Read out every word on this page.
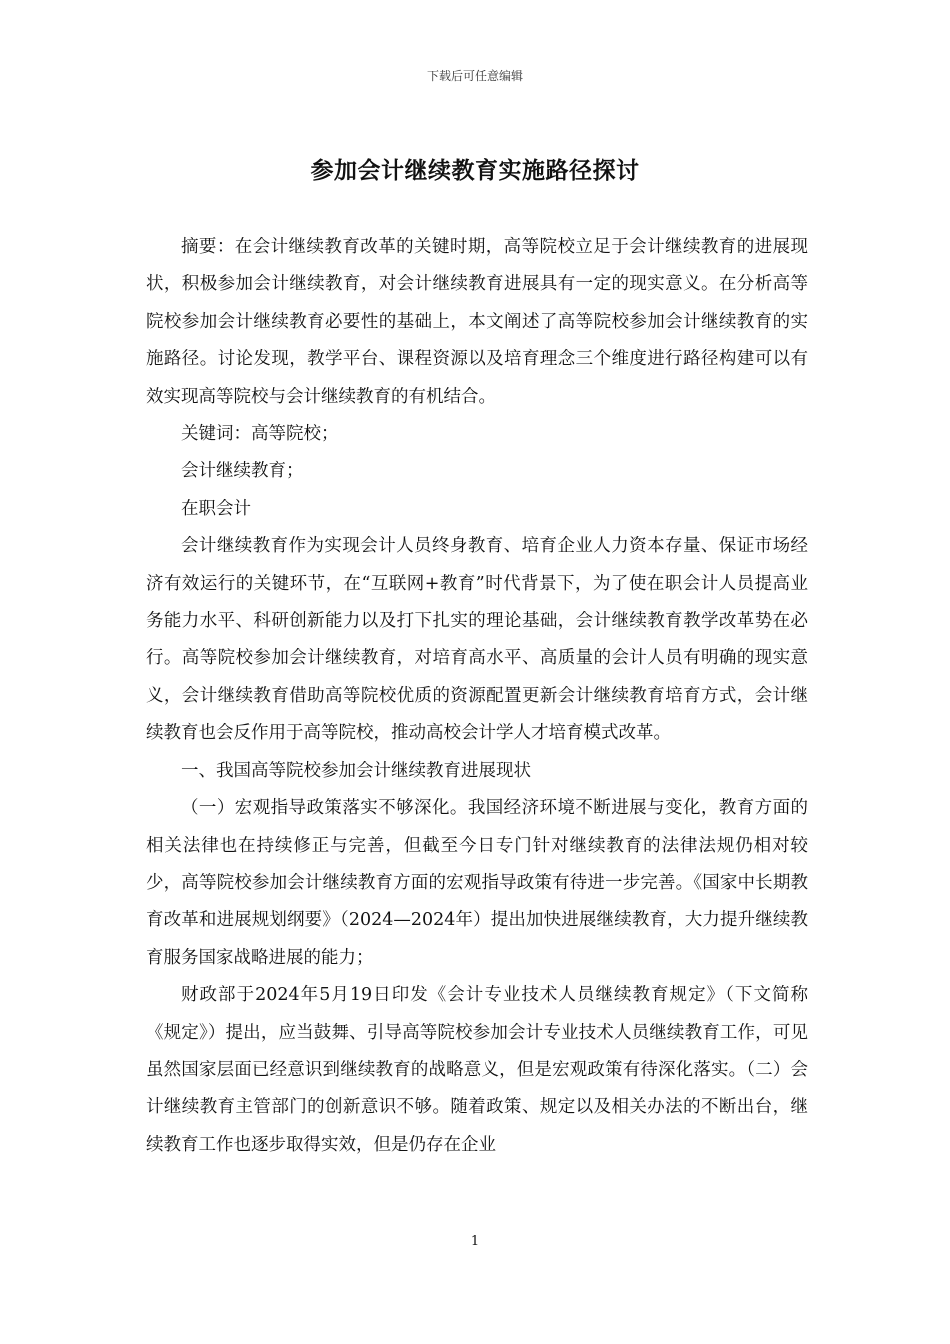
下载后可任意编辑
参加会计继续教育实施路径探讨

摘要：在会计继续教育改革的关键时期，高等院校立足于会计继续教育的进展现状，积极参加会计继续教育，对会计继续教育进展具有一定的现实意义。在分析高等院校参加会计继续教育必要性的基础上，本文阐述了高等院校参加会计继续教育的实施路径。讨论发现，教学平台、课程资源以及培育理念三个维度进行路径构建可以有效实现高等院校与会计继续教育的有机结合。

关键词：高等院校；

会计继续教育；

在职会计

会计继续教育作为实现会计人员终身教育、培育企业人力资本存量、保证市场经济有效运行的关键环节，在“互联网+教育”时代背景下，为了使在职会计人员提高业务能力水平、科研创新能力以及打下扎实的理论基础，会计继续教育教学改革势在必行。高等院校参加会计继续教育，对培育高水平、高质量的会计人员有明确的现实意义，会计继续教育借助高等院校优质的资源配置更新会计继续教育培育方式，会计继续教育也会反作用于高等院校，推动高校会计学人才培育模式改革。

一、我国高等院校参加会计继续教育进展现状

（一）宏观指导政策落实不够深化。我国经济环境不断进展与变化，教育方面的相关法律也在持续修正与完善，但截至今日专门针对继续教育的法律法规仍相对较少，高等院校参加会计继续教育方面的宏观指导政策有待进一步完善。《国家中长期教育改革和进展规划纲要》（2024—2024年）提出加快进展继续教育，大力提升继续教育服务国家战略进展的能力；

财政部于2024年5月19日印发《会计专业技术人员继续教育规定》（下文简称《规定》）提出，应当鼓舞、引导高等院校参加会计专业技术人员继续教育工作，可见虽然国家层面已经意识到继续教育的战略意义，但是宏观政策有待深化落实。（二）会计继续教育主管部门的创新意识不够。随着政策、规定以及相关办法的不断出台，继续教育工作也逐步取得实效，但是仍存在企业

1
